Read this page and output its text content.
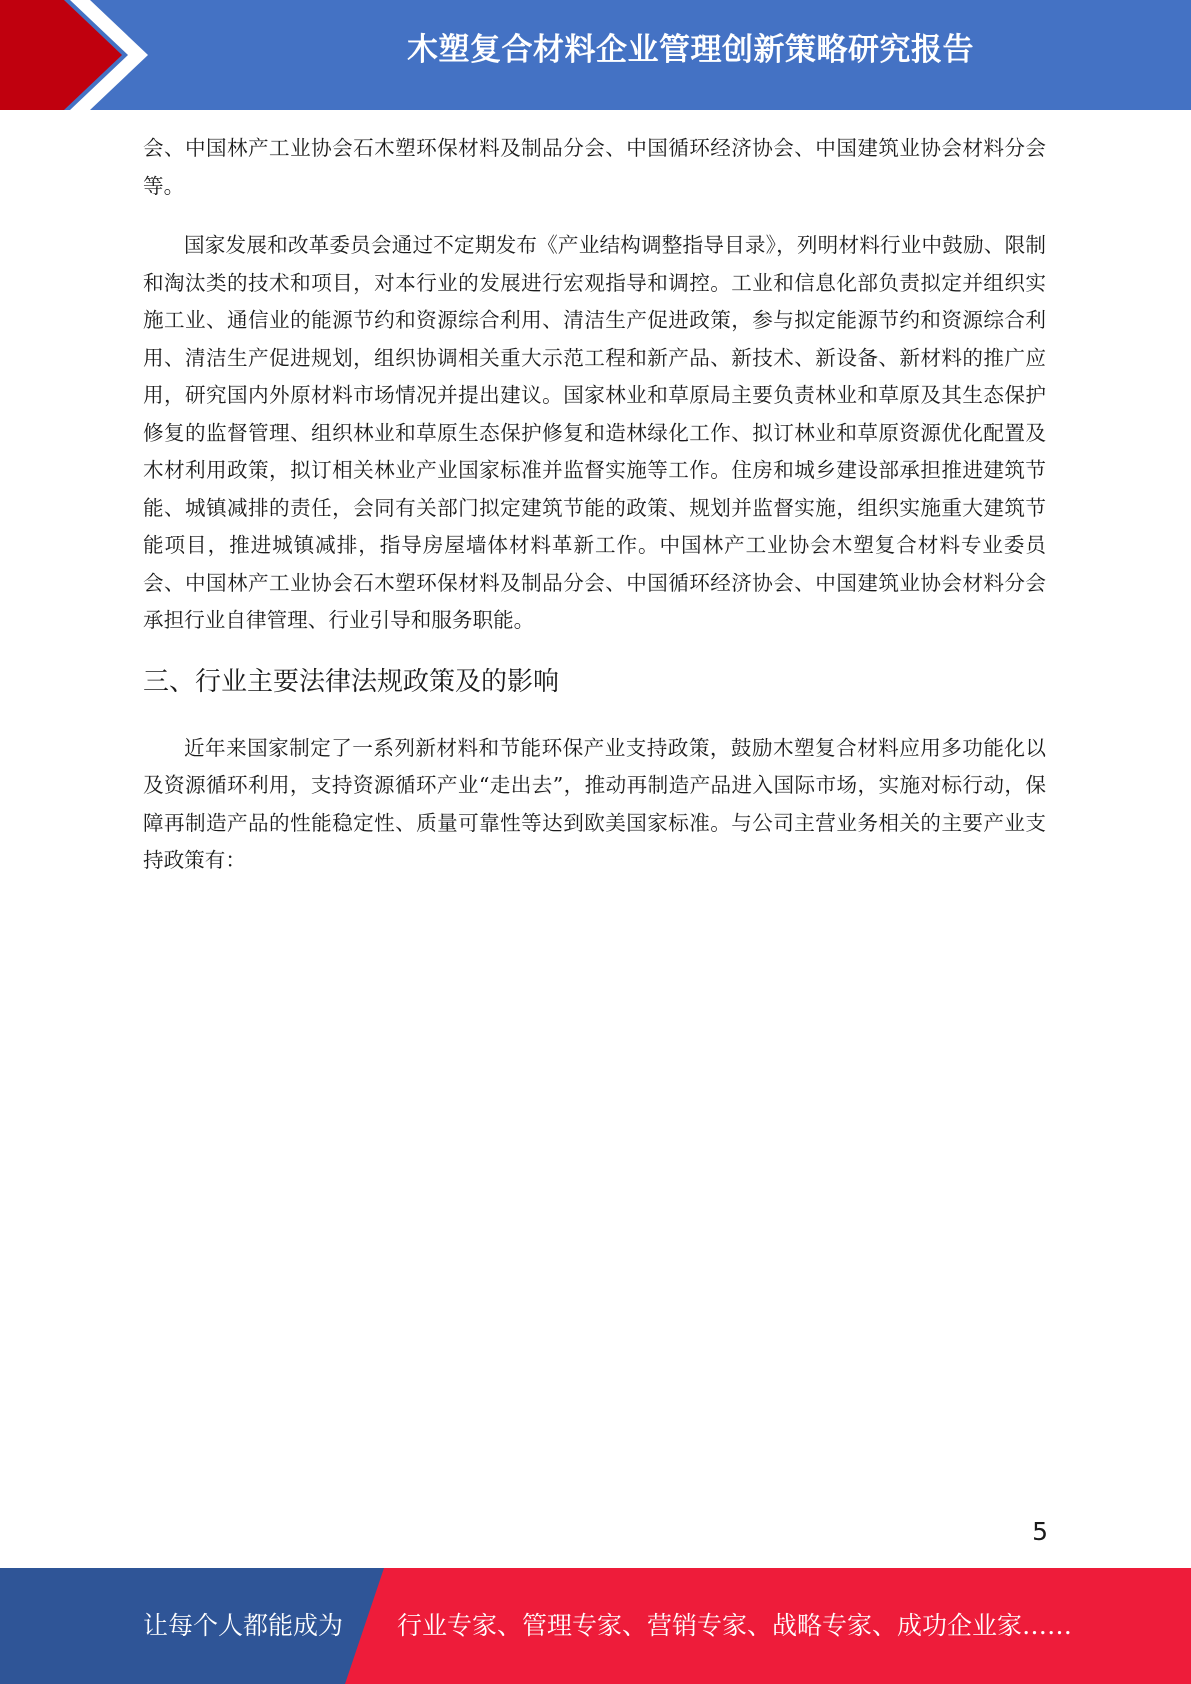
木塑复合材料企业管理创新策略研究报告

会、中国林产工业协会石木塑环保材料及制品分会、中国循环经济协会、中国建筑业协会材料分会等。

国家发展和改革委员会通过不定期发布《产业结构调整指导目录》，列明材料行业中鼓励、限制和淘汰类的技术和项目，对本行业的发展进行宏观指导和调控。工业和信息化部负责拟定并组织实施工业、通信业的能源节约和资源综合利用、清洁生产促进政策，参与拟定能源节约和资源综合利用、清洁生产促进规划，组织协调相关重大示范工程和新产品、新技术、新设备、新材料的推广应用，研究国内外原材料市场情况并提出建议。国家林业和草原局主要负责林业和草原及其生态保护修复的监督管理、组织林业和草原生态保护修复和造林绿化工作、拟订林业和草原资源优化配置及木材利用政策，拟订相关林业产业国家标准并监督实施等工作。住房和城乡建设部承担推进建筑节能、城镇减排的责任，会同有关部门拟定建筑节能的政策、规划并监督实施，组织实施重大建筑节能项目，推进城镇减排，指导房屋墙体材料革新工作。中国林产工业协会木塑复合材料专业委员会、中国林产工业协会石木塑环保材料及制品分会、中国循环经济协会、中国建筑业协会材料分会承担行业自律管理、行业引导和服务职能。

三、行业主要法律法规政策及的影响

近年来国家制定了一系列新材料和节能环保产业支持政策，鼓励木塑复合材料应用多功能化以及资源循环利用，支持资源循环产业“走出去”，推动再制造产品进入国际市场，实施对标行动，保障再制造产品的性能稳定性、质量可靠性等达到欧美国家标准。与公司主营业务相关的主要产业支持政策有：

5
让每个人都能成为 行业专家、管理专家、营销专家、战略专家、成功企业家……
